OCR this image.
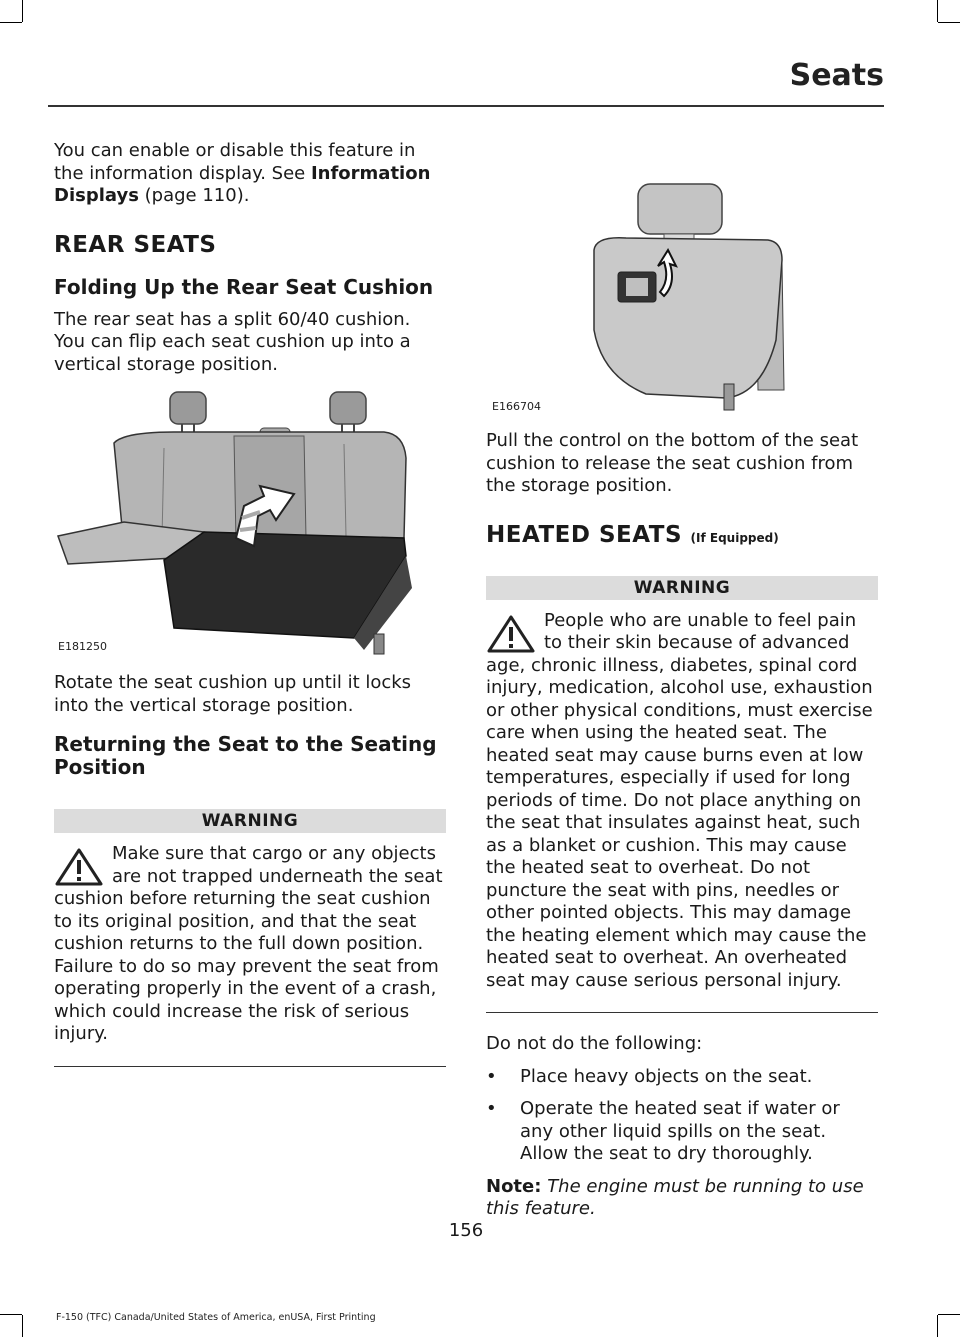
Seats

You can enable or disable this feature in the information display. See Information Displays (page 110).

REAR SEATS
Folding Up the Rear Seat Cushion

The rear seat has a split 60/40 cushion. You can flip each seat cushion up into a vertical storage position.

E181250

Rotate the seat cushion up until it locks into the vertical storage position.

Returning the Seat to the Seating Position
WARNING

Make sure that cargo or any objects are not trapped underneath the seat cushion before returning the seat cushion to its original position, and that the seat cushion returns to the full down position. Failure to do so may prevent the seat from operating properly in the event of a crash, which could increase the risk of serious injury.

E166704

Pull the control on the bottom of the seat cushion to release the seat cushion from the storage position.

HEATED SEATS (If Equipped)
WARNING

People who are unable to feel pain to their skin because of advanced age, chronic illness, diabetes, spinal cord injury, medication, alcohol use, exhaustion or other physical conditions, must exercise care when using the heated seat. The heated seat may cause burns even at low temperatures, especially if used for long periods of time. Do not place anything on the seat that insulates against heat, such as a blanket or cushion. This may cause the heated seat to overheat. Do not puncture the seat with pins, needles or other pointed objects. This may damage the heating element which may cause the heated seat to overheat. An overheated seat may cause serious personal injury.

Do not do the following:

•	Place heavy objects on the seat.
•	Operate the heated seat if water or any other liquid spills on the seat. Allow the seat to dry thoroughly.

Note: The engine must be running to use this feature.

156
F-150 (TFC) Canada/United States of America, enUSA, First Printing
